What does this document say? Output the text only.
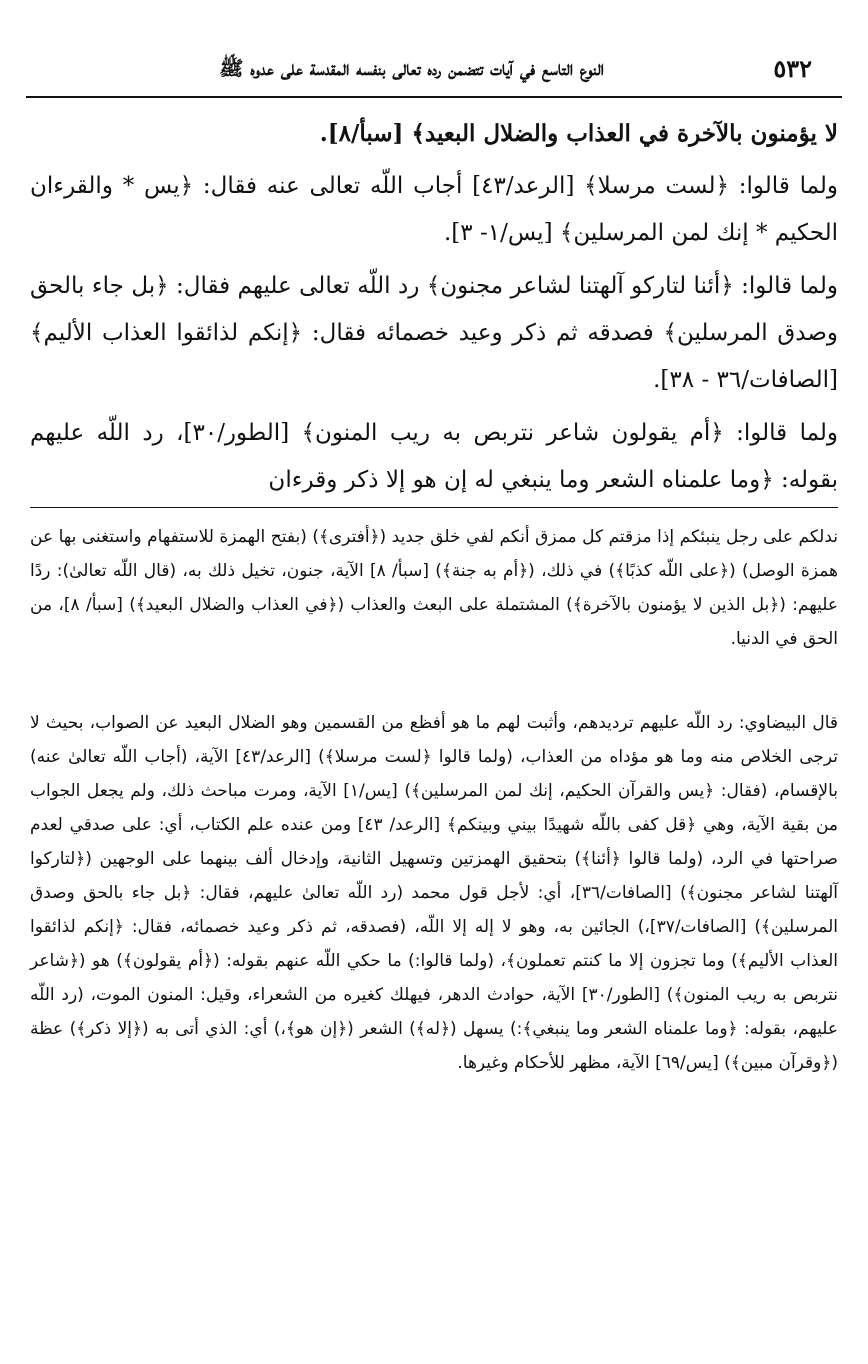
٥٣٢
النوع التاسع في آيات تتضمن رده تعالى بنفسه المقدسة على عدوه ﷺ

لا يؤمنون بالآخرة في العذاب والضلال البعيد﴾ [سبأ/٨].

ولما قالوا: ﴿لست مرسلا﴾ [الرعد/٤٣] أجاب اللّه تعالى عنه فقال: ﴿يس * والقرءان الحكيم * إنك لمن المرسلين﴾ [يس/١- ٣].

ولما قالوا: ﴿أئنا لتاركو آلهتنا لشاعر مجنون﴾ رد اللّه تعالى عليهم فقال: ﴿بل جاء بالحق وصدق المرسلين﴾ فصدقه ثم ذكر وعيد خصمائه فقال: ﴿إنكم لذائقوا العذاب الأليم﴾ [الصافات/٣٦ - ٣٨].

ولما قالوا: ﴿أم يقولون شاعر نتربص به ريب المنون﴾ [الطور/٣٠]، رد اللّه عليهم بقوله: ﴿وما علمناه الشعر وما ينبغي له إن هو إلا ذكر وقرءان

ندلكم على رجل ينبئكم إذا مزقتم كل ممزق أنكم لفي خلق جديد (﴿أفترى﴾) (بفتح الهمزة للاستفهام واستغنى بها عن همزة الوصل) (﴿على اللّه كذبًا﴾) في ذلك، (﴿أم به جنة﴾) [سبأ/ ٨] الآية، جنون، تخيل ذلك به، (قال اللّه تعالىٰ): ردًا عليهم: (﴿بل الذين لا يؤمنون بالآخرة﴾) المشتملة على البعث والعذاب (﴿في العذاب والضلال البعيد﴾) [سبأ/ ٨]، من الحق في الدنيا.

قال البيضاوي: رد اللّه عليهم ترديدهم، وأثبت لهم ما هو أفظع من القسمين وهو الضلال البعيد عن الصواب، بحيث لا ترجى الخلاص منه وما هو مؤداه من العذاب، (ولما قالوا ﴿لست مرسلا﴾) [الرعد/٤٣] الآية، (أجاب اللّه تعالىٰ عنه) بالإقسام، (فقال: ﴿يس والقرآن الحكيم، إنك لمن المرسلين﴾) [يس/١] الآية، ومرت مباحث ذلك، ولم يجعل الجواب من بقية الآية، وهي ﴿قل كفى باللّه شهيدًا بيني وبينكم﴾ [الرعد/ ٤٣] ومن عنده علم الكتاب، أي: على صدقي لعدم صراحتها في الرد، (ولما قالوا ﴿أئنا﴾) بتحقيق الهمزتين وتسهيل الثانية، وإدخال ألف بينهما على الوجهين (﴿لتاركوا آلهتنا لشاعر مجنون﴾) [الصافات/٣٦]، أي: لأجل قول محمد (رد اللّه تعالىٰ عليهم، فقال: ﴿بل جاء بالحق وصدق المرسلين﴾) [الصافات/٣٧]،) الجائين به، وهو لا إله إلا اللّه، (فصدقه، ثم ذكر وعيد خصمائه، فقال: ﴿إنكم لذائقوا العذاب الأليم﴾) وما تجزون إلا ما كنتم تعملون﴾، (ولما قالوا:) ما حكي اللّه عنهم بقوله: (﴿أم يقولون﴾) هو (﴿شاعر نتربص به ريب المنون﴾) [الطور/٣٠] الآية، حوادث الدهر، فيهلك كغيره من الشعراء، وقيل: المنون الموت، (رد اللّه عليهم، بقوله: ﴿وما علمناه الشعر وما ينبغي﴾:) يسهل (﴿له﴾) الشعر (﴿إن هو﴾،) أي: الذي أتى به (﴿إلا ذكر﴾) عظة (﴿وقرآن مبين﴾) [يس/٦٩] الآية، مظهر للأحكام وغيرها.
